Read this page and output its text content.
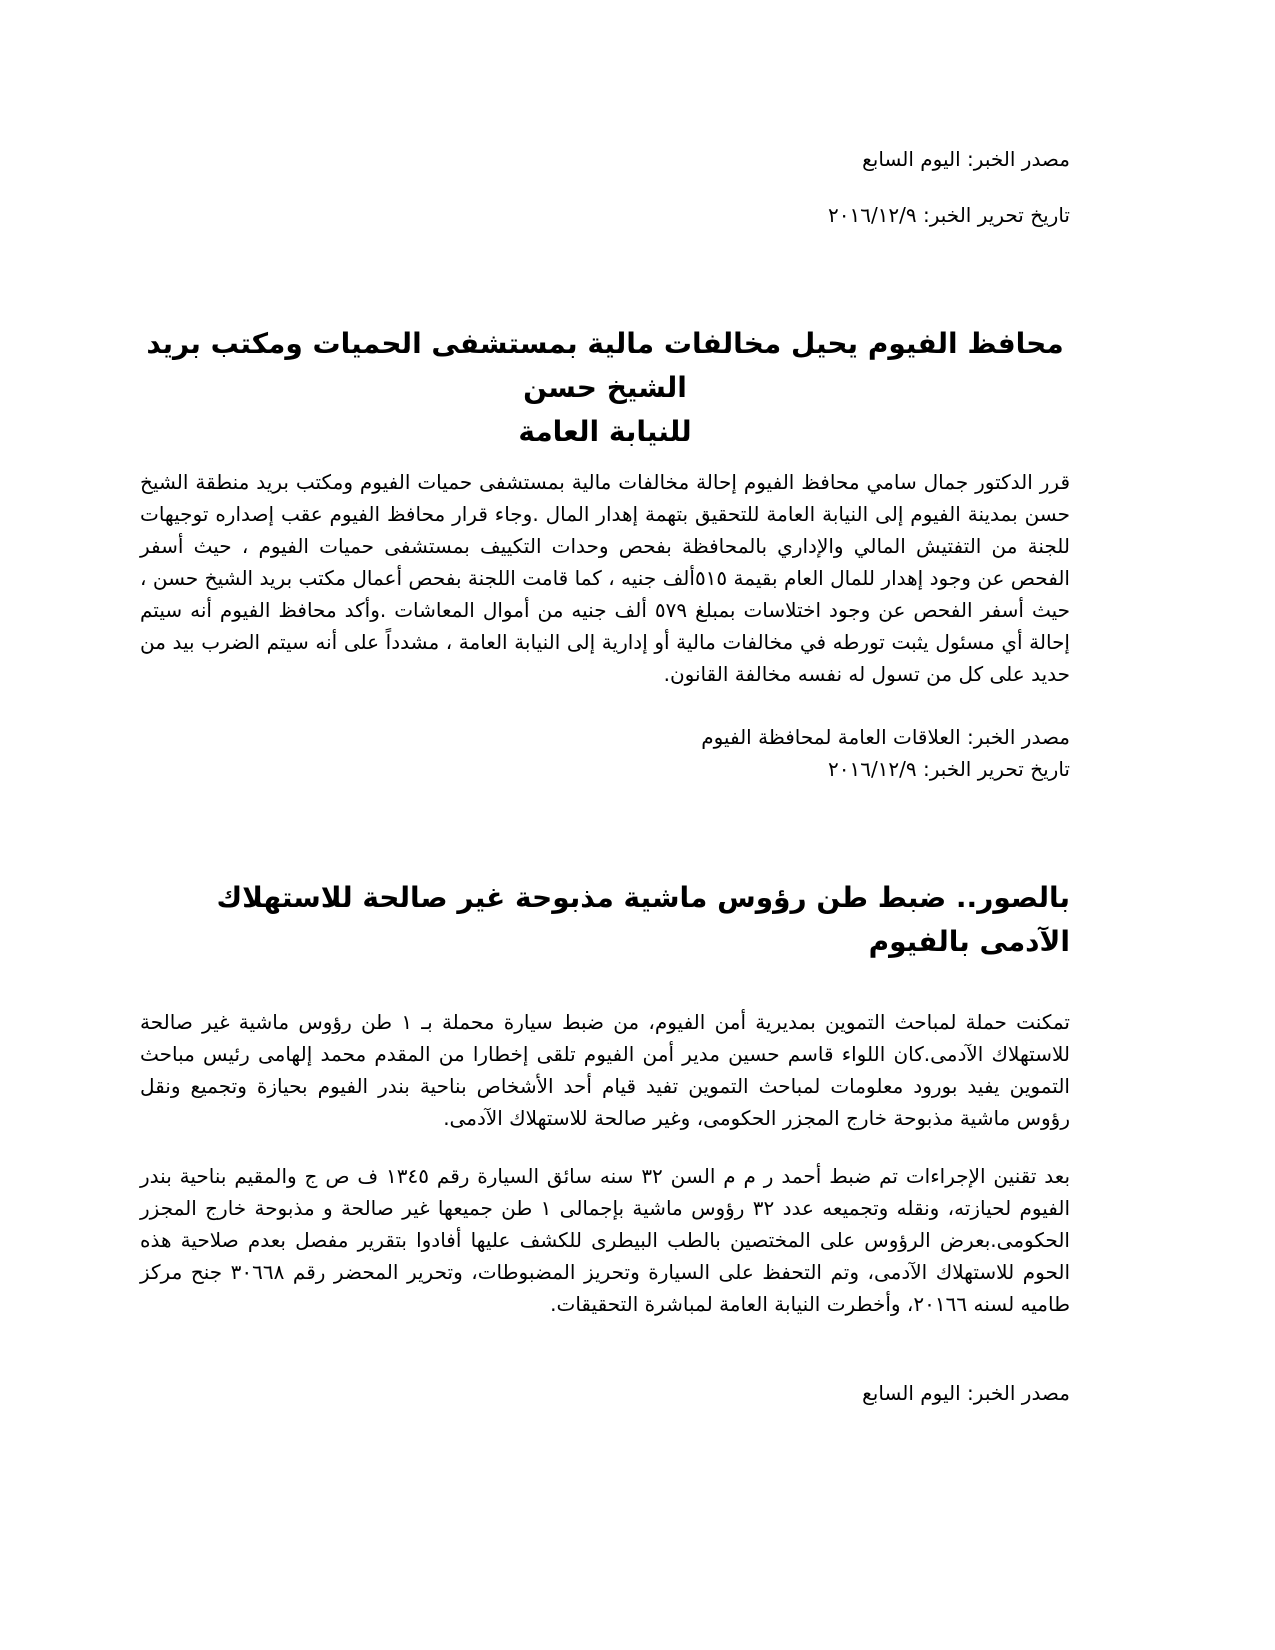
مصدر الخبر: اليوم السابع

تاريخ تحرير الخبر: ٢٠١٦/١٢/٩

محافظ الفيوم يحيل مخالفات مالية بمستشفى الحميات ومكتب بريد الشيخ حسن

للنيابة العامة

قرر الدكتور جمال سامي محافظ الفيوم إحالة مخالفات مالية بمستشفى حميات الفيوم ومكتب بريد منطقة الشيخ حسن بمدينة الفيوم إلى النيابة العامة للتحقيق بتهمة إهدار المال .وجاء قرار محافظ الفيوم عقب إصداره توجيهات للجنة من التفتيش المالي والإداري بالمحافظة بفحص وحدات التكييف بمستشفى حميات الفيوم ، حيث أسفر الفحص عن وجود إهدار للمال العام بقيمة ٥١٥ألف جنيه ، كما قامت اللجنة بفحص أعمال مكتب بريد الشيخ حسن ، حيث أسفر الفحص عن وجود اختلاسات بمبلغ ٥٧٩ ألف جنيه من أموال المعاشات .وأكد محافظ الفيوم أنه سيتم إحالة أي مسئول يثبت تورطه في مخالفات مالية أو إدارية إلى النيابة العامة ، مشدداً على أنه سيتم الضرب بيد من حديد على كل من تسول له نفسه مخالفة القانون.

مصدر الخبر: العلاقات العامة لمحافظة الفيوم

تاريخ تحرير الخبر: ٢٠١٦/١٢/٩

بالصور.. ضبط طن رؤوس ماشية مذبوحة غير صالحة للاستهلاك الآدمى بالفيوم

تمكنت حملة لمباحث التموين بمديرية أمن الفيوم، من ضبط سيارة محملة بـ ١ طن رؤوس ماشية غير صالحة للاستهلاك الآدمى.كان اللواء قاسم حسين مدير أمن الفيوم تلقى إخطارا من المقدم محمد إلهامى رئيس مباحث التموين يفيد بورود معلومات لمباحث التموين تفيد قيام أحد الأشخاص بناحية بندر الفيوم بحيازة وتجميع ونقل رؤوس ماشية مذبوحة خارج المجزر الحكومى، وغير صالحة للاستهلاك الآدمى.

بعد تقنين الإجراءات تم ضبط أحمد ر م م السن ٣٢ سنه سائق السيارة رقم ١٣٤٥ ف ص ج والمقيم بناحية بندر الفيوم لحيازته، ونقله وتجميعه عدد ٣٢ رؤوس ماشية بإجمالى ١ طن جميعها غير صالحة و مذبوحة خارج المجزر الحكومى.بعرض الرؤوس على المختصين بالطب البيطرى للكشف عليها أفادوا بتقرير مفصل بعدم صلاحية هذه الحوم للاستهلاك الآدمى، وتم التحفظ على السيارة وتحريز المضبوطات، وتحرير المحضر رقم ٣٠٦٦٨ جنح مركز طاميه لسنه ٢٠١٦٦، وأخطرت النيابة العامة لمباشرة التحقيقات.

مصدر الخبر: اليوم السابع
